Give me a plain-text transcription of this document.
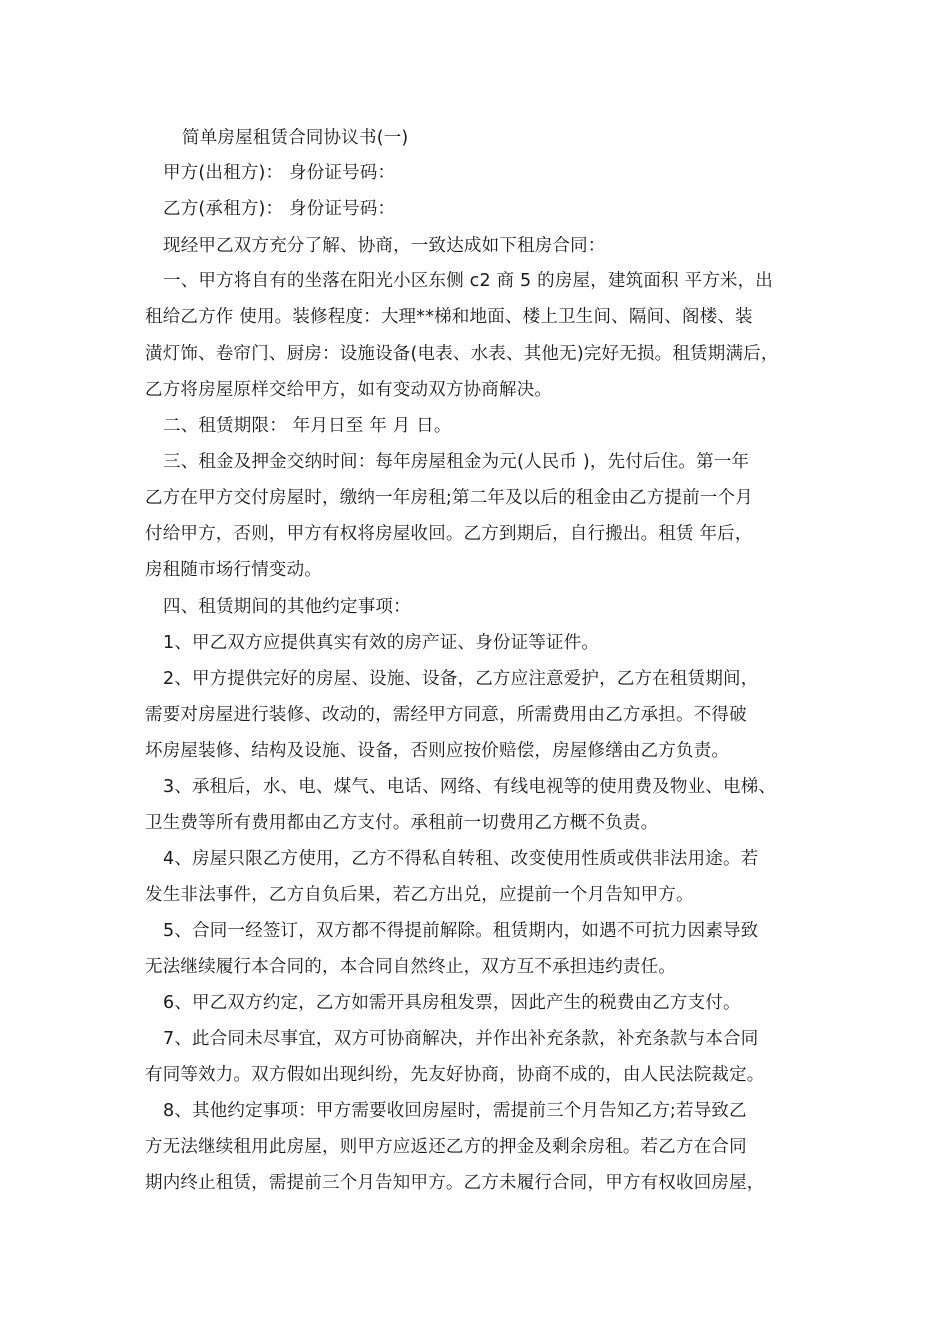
简单房屋租赁合同协议书(一)
甲方(出租方)： 身份证号码：
乙方(承租方)： 身份证号码：
现经甲乙双方充分了解、协商，一致达成如下租房合同：
一、甲方将自有的坐落在阳光小区东侧 c2 商 5 的房屋，建筑面积 平方米，出
租给乙方作 使用。装修程度：大理**梯和地面、楼上卫生间、隔间、阁楼、装
潢灯饰、卷帘门、厨房：设施设备(电表、水表、其他无)完好无损。租赁期满后，
乙方将房屋原样交给甲方，如有变动双方协商解决。
二、租赁期限： 年月日至 年 月 日。
三、租金及押金交纳时间：每年房屋租金为元(人民币 )，先付后住。第一年
乙方在甲方交付房屋时，缴纳一年房租;第二年及以后的租金由乙方提前一个月
付给甲方，否则，甲方有权将房屋收回。乙方到期后，自行搬出。租赁 年后，
房租随市场行情变动。
四、租赁期间的其他约定事项：
1、甲乙双方应提供真实有效的房产证、身份证等证件。
2、甲方提供完好的房屋、设施、设备，乙方应注意爱护，乙方在租赁期间，
需要对房屋进行装修、改动的，需经甲方同意，所需费用由乙方承担。不得破
坏房屋装修、结构及设施、设备，否则应按价赔偿，房屋修缮由乙方负责。
3、承租后，水、电、煤气、电话、网络、有线电视等的使用费及物业、电梯、
卫生费等所有费用都由乙方支付。承租前一切费用乙方概不负责。
4、房屋只限乙方使用，乙方不得私自转租、改变使用性质或供非法用途。若
发生非法事件，乙方自负后果，若乙方出兑，应提前一个月告知甲方。
5、合同一经签订，双方都不得提前解除。租赁期内，如遇不可抗力因素导致
无法继续履行本合同的，本合同自然终止，双方互不承担违约责任。
6、甲乙双方约定，乙方如需开具房租发票，因此产生的税费由乙方支付。
7、此合同未尽事宜，双方可协商解决，并作出补充条款，补充条款与本合同
有同等效力。双方假如出现纠纷，先友好协商，协商不成的，由人民法院裁定。
8、其他约定事项：甲方需要收回房屋时，需提前三个月告知乙方;若导致乙
方无法继续租用此房屋，则甲方应返还乙方的押金及剩余房租。若乙方在合同
期内终止租赁，需提前三个月告知甲方。乙方未履行合同，甲方有权收回房屋，
